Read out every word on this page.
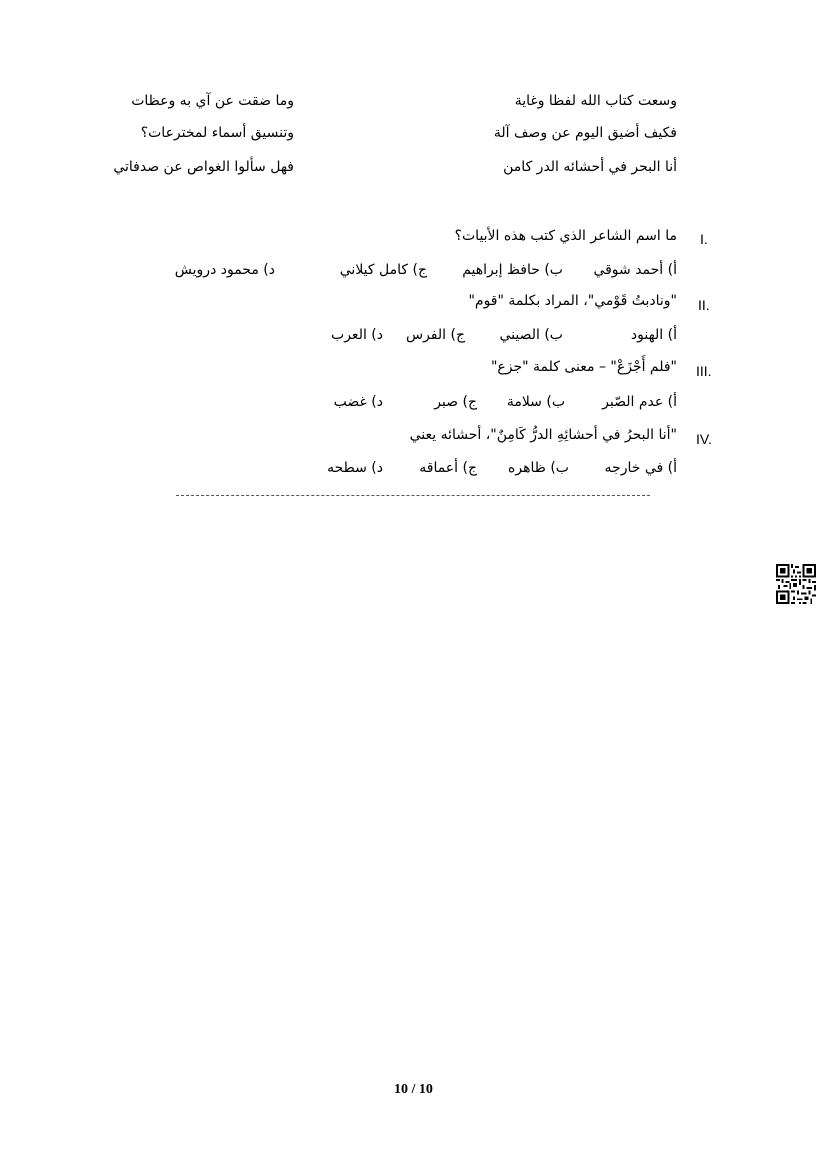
وسعت كتاب الله لفظا وغاية
وما ضقت عن آي به وعظات
فكيف أضيق اليوم عن وصف آلة
وتنسيق أسماء لمخترعات؟
أنا البحر في أحشائه الدر كامن
فهل سألوا الغواص عن صدفاتي
I.
ما اسم الشاعر الذي كتب هذه الأبيات؟
أ) أحمد شوقي
ب) حافظ إبراهيم
ج) كامل كيلاني
د) محمود درويش
II.
"ونادبتُ قَوْمي"، المراد بكلمة "قوم"
أ) الهنود
ب) الصيني
ج) الفرس
د) العرب
III.
"فلم أَجْزَعْ" – معنى كلمة "جزع"
أ) عدم الصّبر
ب) سلامة
ج) صبر
د) غضب
IV.
"أنا البحرُ في أحشائِهِ الدرُّ كَامِنٌ"، أحشائه يعني
أ) في خارجه
ب) ظاهره
ج) أعماقه
د) سطحه
10 / 10
